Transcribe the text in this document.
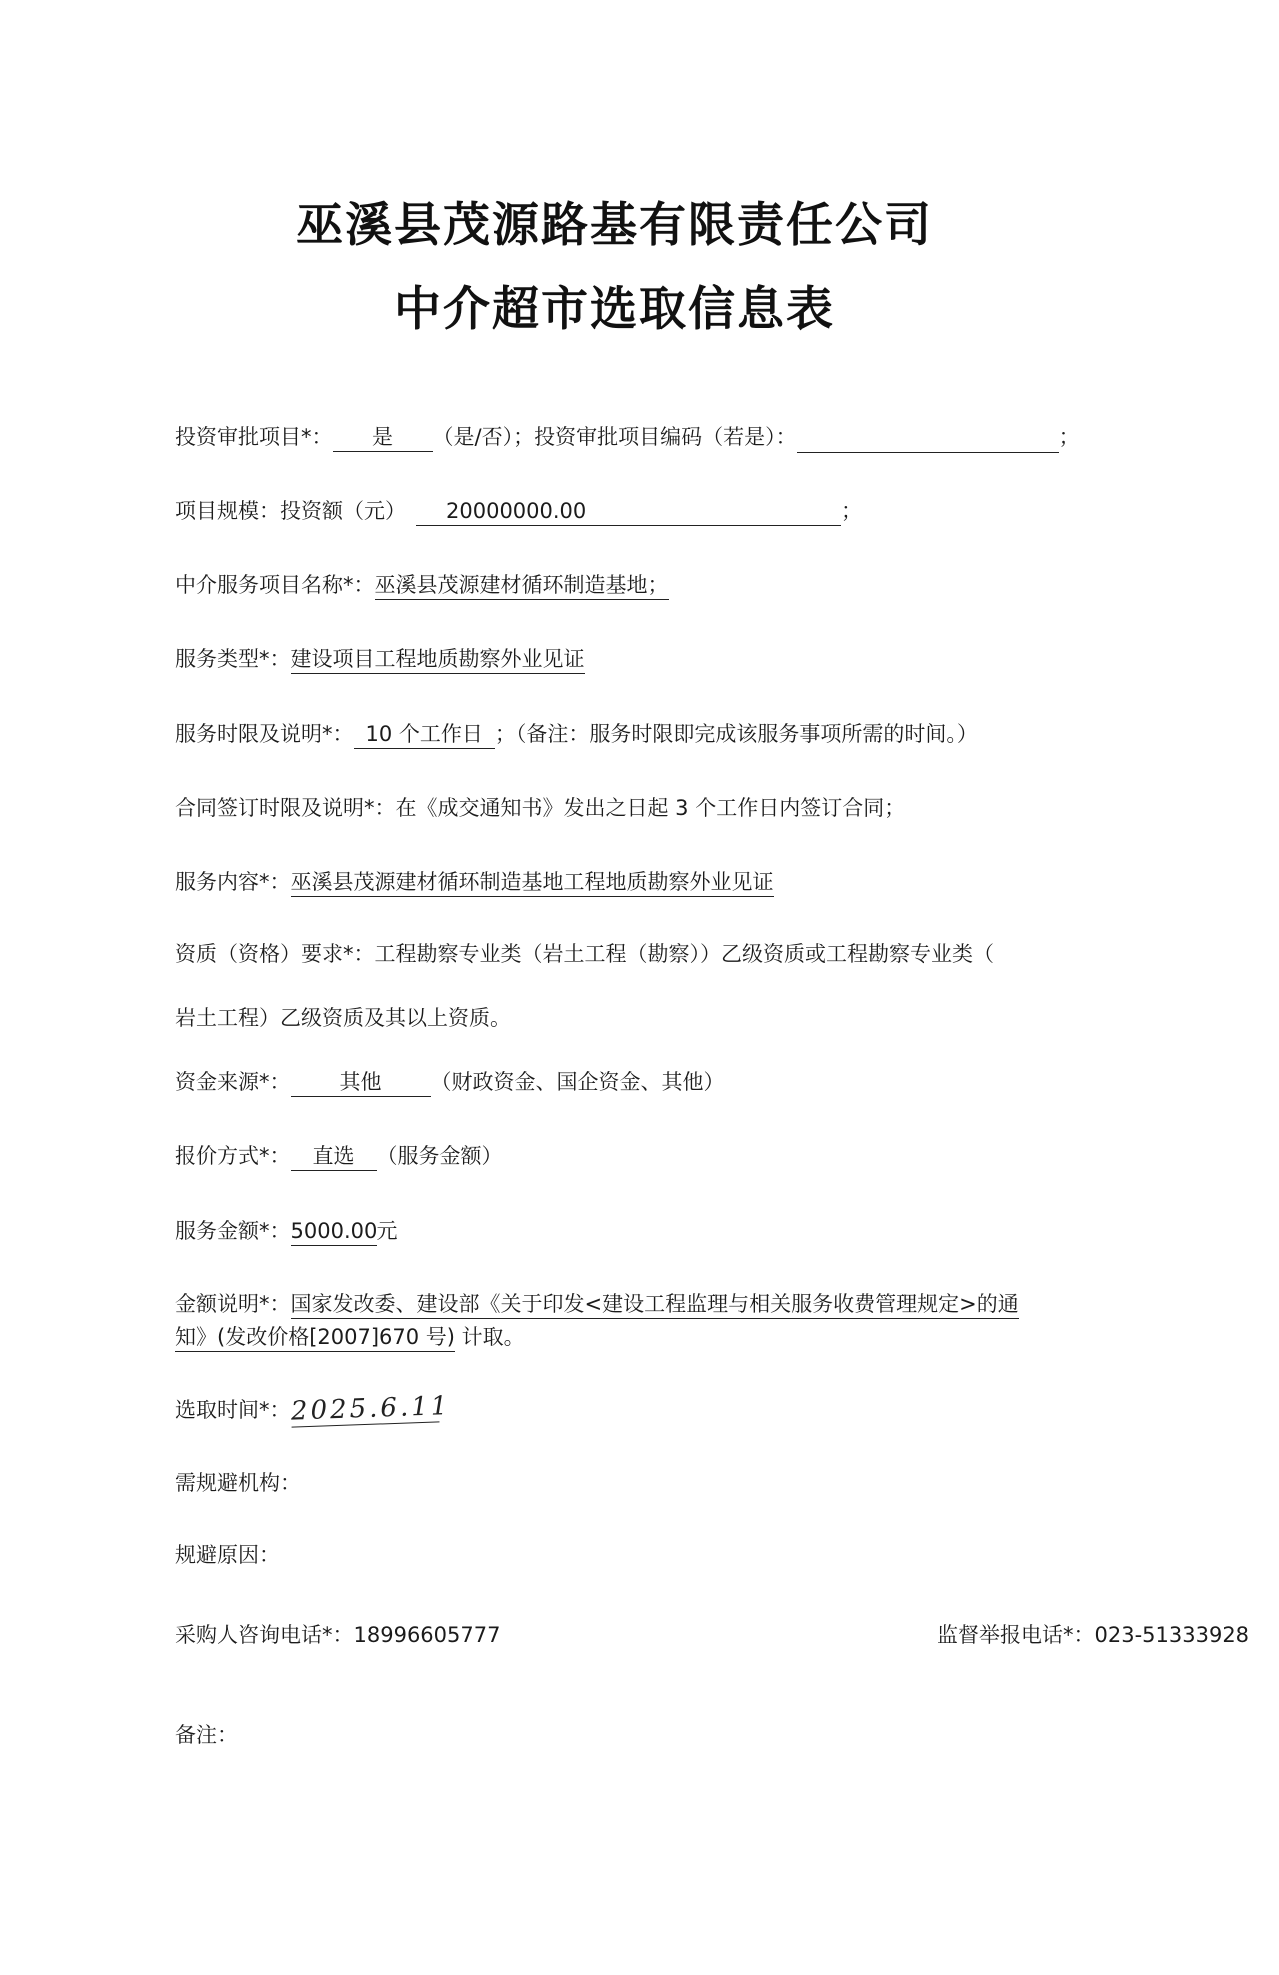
巫溪县茂源路基有限责任公司
中介超市选取信息表
投资审批项目*： 是 （是/否）；投资审批项目编码（若是）：	；
项目规模：投资额（元） 20000000.00	；
中介服务项目名称*：巫溪县茂源建材循环制造基地；
服务类型*：建设项目工程地质勘察外业见证
服务时限及说明*： 10 个工作日 ；（备注：服务时限即完成该服务事项所需的时间。）
合同签订时限及说明*：在《成交通知书》发出之日起 3 个工作日内签订合同；
服务内容*：巫溪县茂源建材循环制造基地工程地质勘察外业见证
资质（资格）要求*：工程勘察专业类（岩土工程（勘察））乙级资质或工程勘察专业类（
岩土工程）乙级资质及其以上资质。
资金来源*： 其他 （财政资金、国企资金、其他）
报价方式*： 直选 （服务金额）
服务金额*：5000.00元
金额说明*：国家发改委、建设部《关于印发<建设工程监理与相关服务收费管理规定>的通
知》(发改价格[2007]670 号) 计取。
选取时间*：2025.6.11
需规避机构：
规避原因：
采购人咨询电话*：18996605777	监督举报电话*：023-51333928
备注：
